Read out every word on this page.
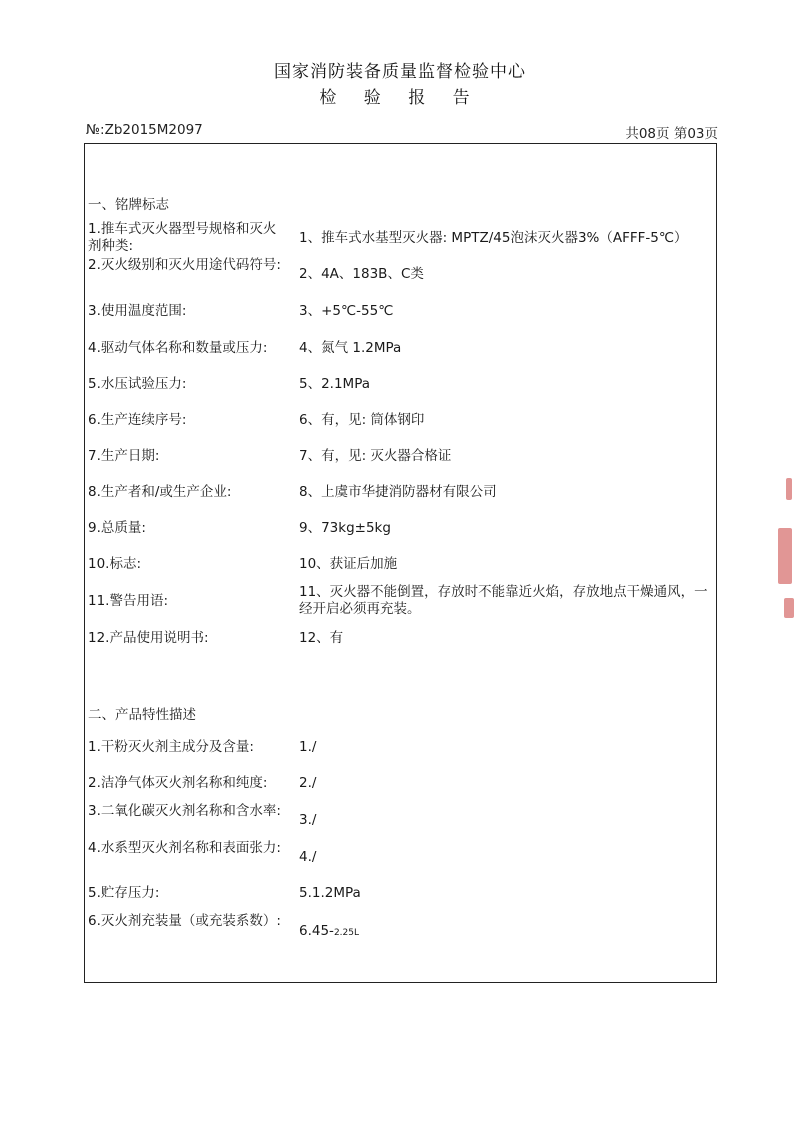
国家消防装备质量监督检验中心
检 验 报 告
№:Zb2015M2097	共08页 第03页
一、铭牌标志
1.推车式灭火器型号规格和灭火剂种类:	1、推车式水基型灭火器: MPTZ/45泡沫灭火器3%（AFFF-5℃）
2.灭火级别和灭火用途代码符号:
2、4A、183B、C类
3.使用温度范围:	3、+5℃-55℃
4.驱动气体名称和数量或压力:	4、氮气 1.2MPa
5.水压试验压力:	5、2.1MPa
6.生产连续序号:	6、有，见: 筒体钢印
7.生产日期:	7、有，见: 灭火器合格证
8.生产者和/或生产企业:	8、上虞市华捷消防器材有限公司
9.总质量:	9、73kg±5kg
10.标志:	10、获证后加施
11.警告用语:
11、灭火器不能倒置，存放时不能靠近火焰，存放地点干燥通风，一经开启必须再充装。
12.产品使用说明书:	12、有
二、产品特性描述
1.干粉灭火剂主成分及含量:	1./
2.洁净气体灭火剂名称和纯度:	2./
3.二氧化碳灭火剂名称和含水率:
3./
4.水系型灭火剂名称和表面张力:
4./
5.贮存压力:	5.1.2MPa
6.灭火剂充装量（或充装系数）:
6.45-2.25L
